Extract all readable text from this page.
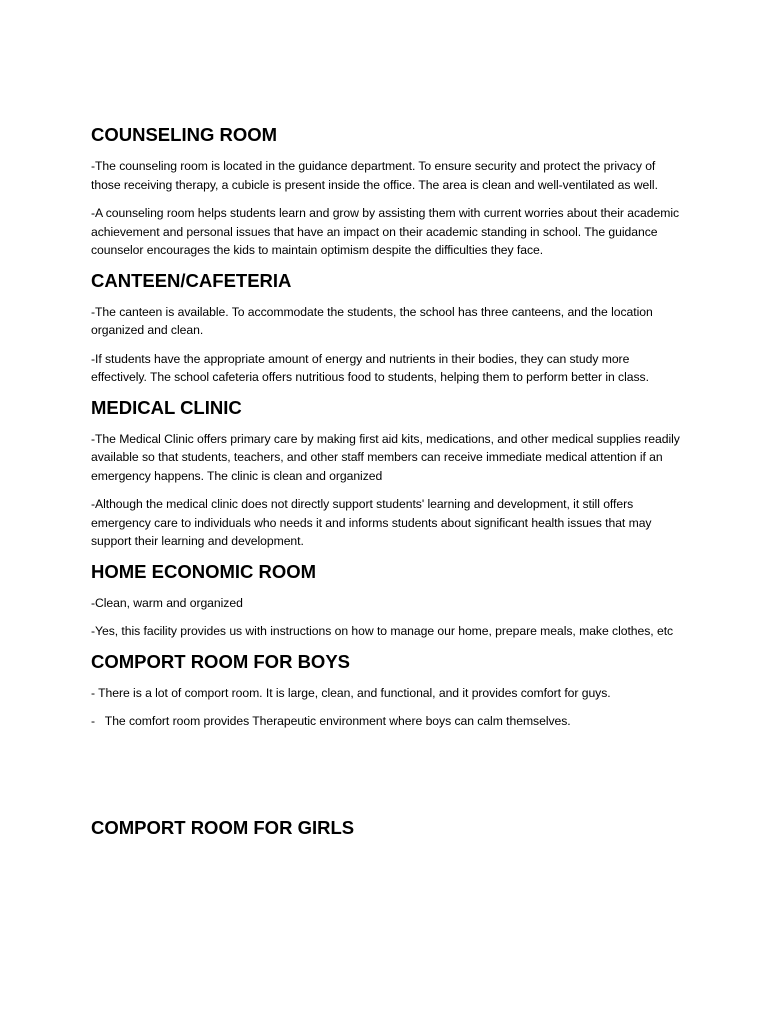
COUNSELING ROOM

-The counseling room is located in the guidance department. To ensure security and protect the privacy of those receiving therapy, a cubicle is present inside the office. The area is clean and well-ventilated as well.

-A counseling room helps students learn and grow by assisting them with current worries about their academic achievement and personal issues that have an impact on their academic standing in school. The guidance counselor encourages the kids to maintain optimism despite the difficulties they face.

CANTEEN/CAFETERIA

-The canteen is available. To accommodate the students, the school has three canteens, and the location organized and clean.

-If students have the appropriate amount of energy and nutrients in their bodies, they can study more effectively. The school cafeteria offers nutritious food to students, helping them to perform better in class.

MEDICAL CLINIC

-The Medical Clinic offers primary care by making first aid kits, medications, and other medical supplies readily available so that students, teachers, and other staff members can receive immediate medical attention if an emergency happens. The clinic is clean and organized

-Although the medical clinic does not directly support students' learning and development, it still offers emergency care to individuals who needs it and informs students about significant health issues that may support their learning and development.

HOME ECONOMIC ROOM

-Clean, warm and organized

-Yes, this facility provides us with instructions on how to manage our home, prepare meals, make clothes, etc

COMPORT ROOM FOR BOYS

- There is a lot of comport room. It is large, clean, and functional, and it provides comfort for guys.

-   The comfort room provides Therapeutic environment where boys can calm themselves.

COMPORT ROOM FOR GIRLS
